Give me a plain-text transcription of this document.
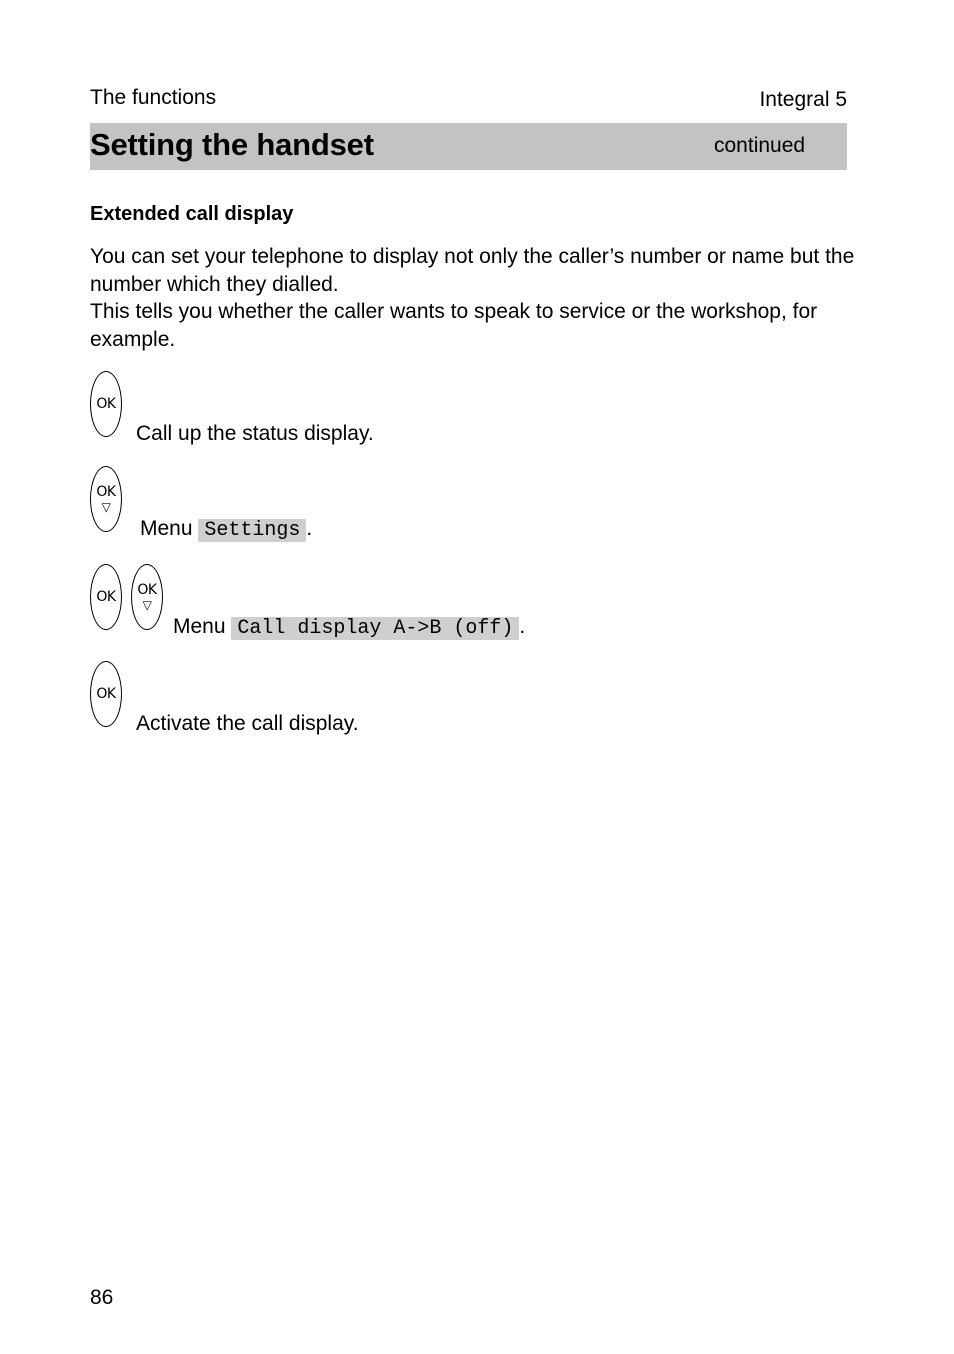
The functions	Integral 5
Setting the handset	continued
Extended call display

You can set your telephone to display not only the caller’s number or name but the number which they dialled.

This tells you whether the caller wants to speak to service or the workshop, for example.

OK
Call up the status display.
OK
▽
Menu Settings .
OK	OK
▽
Menu Call display A->B (off) .
OK
Activate the call display.
86
